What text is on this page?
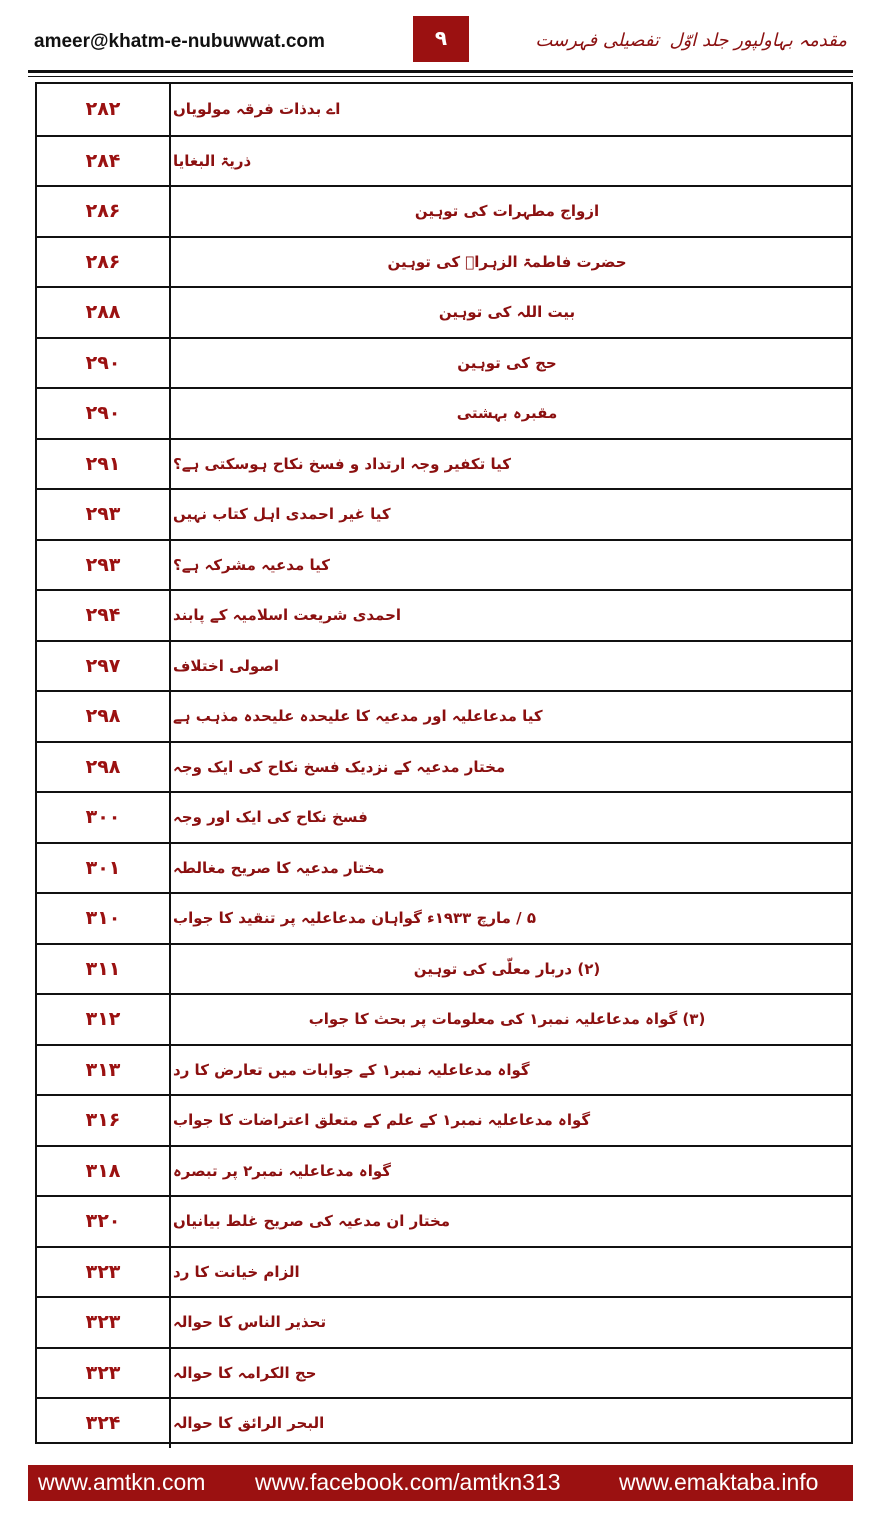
ameer@khatm-e-nubuwwat.com	۹	تفصیلی فہرست مقدمہ بہاولپور جلد اوّل
۲۸۲	اے بدذات فرقہ مولویاں
۲۸۴	ذریۃ البغایا
۲۸۶	ازواج مطہرات کی توہین
۲۸۶	حضرت فاطمۃ الزہراؓ کی توہین
۲۸۸	بیت اللہ کی توہین
۲۹۰	حج کی توہین
۲۹۰	مقبرہ بہشتی
۲۹۱	کیا تکفیر وجہ ارتداد و فسخ نکاح ہوسکتی ہے؟
۲۹۳	کیا غیر احمدی اہل کتاب نہیں
۲۹۳	کیا مدعیہ مشرکہ ہے؟
۲۹۴	احمدی شریعت اسلامیہ کے پابند
۲۹۷	اصولی اختلاف
۲۹۸	کیا مدعاعلیہ اور مدعیہ کا علیحدہ علیحدہ مذہب ہے
۲۹۸	مختار مدعیہ کے نزدیک فسخ نکاح کی ایک وجہ
۳۰۰	فسخ نکاح کی ایک اور وجہ
۳۰۱	مختار مدعیہ کا صریح مغالطہ
۳۱۰	۵ / مارچ ۱۹۳۳ء گواہان مدعاعلیہ پر تنقید کا جواب
۳۱۱	(۲) دربار معلّی کی توہین
۳۱۲	(۳) گواہ مدعاعلیہ نمبر۱ کی معلومات پر بحث کا جواب
۳۱۳	گواہ مدعاعلیہ نمبر۱ کے جوابات میں تعارض کا رد
۳۱۶	گواہ مدعاعلیہ نمبر۱ کے علم کے متعلق اعتراضات کا جواب
۳۱۸	گواہ مدعاعلیہ نمبر۲ پر تبصرہ
۳۲۰	مختار ان مدعیہ کی صریح غلط بیانیاں
۳۲۳	الزام خیانت کا رد
۳۲۳	تحذیر الناس کا حوالہ
۳۲۳	حج الکرامہ کا حوالہ
۳۲۴	البحر الرائق کا حوالہ
www.amtkn.com www.facebook.com/amtkn313	www.emaktaba.info
